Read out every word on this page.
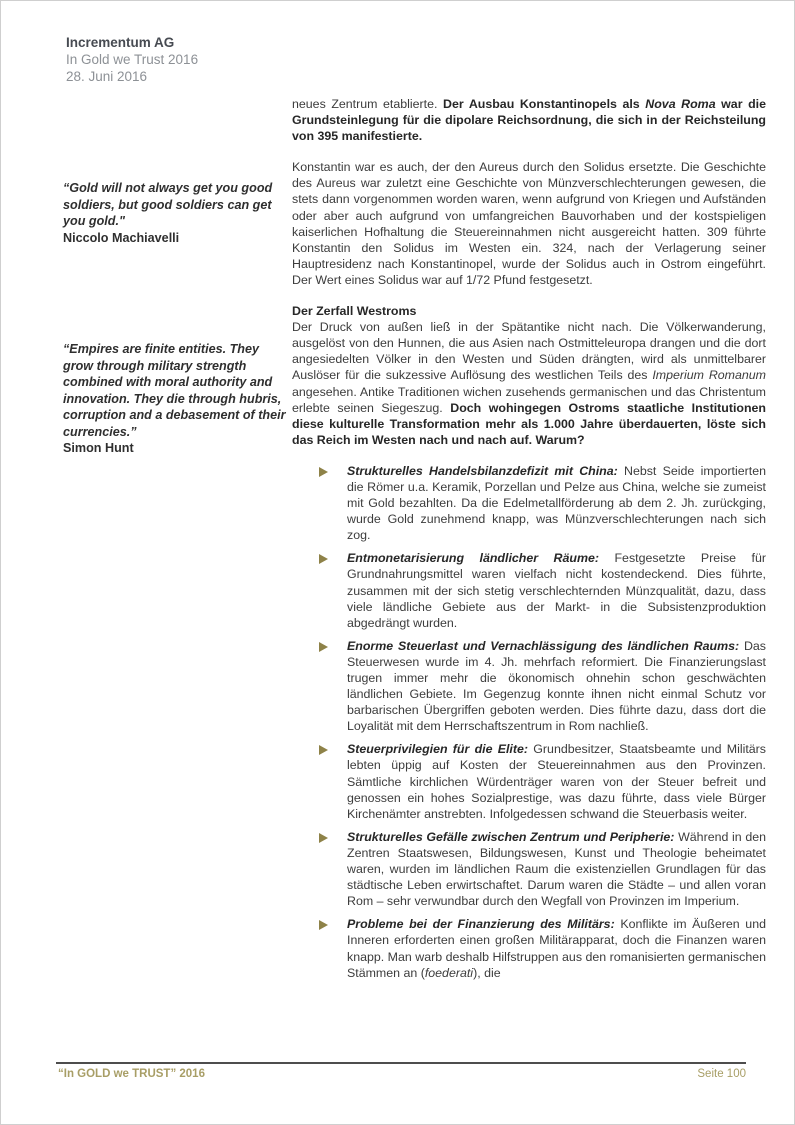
Incrementum AG
In Gold we Trust 2016
28. Juni 2016
“Gold will not always get you good soldiers, but good soldiers can get you gold."
Niccolo Machiavelli
“Empires are finite entities. They grow through military strength combined with moral authority and innovation. They die through hubris, corruption and a debasement of their currencies.”
Simon Hunt

neues Zentrum etablierte. Der Ausbau Konstantinopels als Nova Roma war die Grundsteinlegung für die dipolare Reichsordnung, die sich in der Reichsteilung von 395 manifestierte.

Konstantin war es auch, der den Aureus durch den Solidus ersetzte. Die Geschichte des Aureus war zuletzt eine Geschichte von Münzverschlechterungen gewesen, die stets dann vorgenommen worden waren, wenn aufgrund von Kriegen und Aufständen oder aber auch aufgrund von umfangreichen Bauvorhaben und der kostspieligen kaiserlichen Hofhaltung die Steuereinnahmen nicht ausgereicht hatten. 309 führte Konstantin den Solidus im Westen ein. 324, nach der Verlagerung seiner Hauptresidenz nach Konstantinopel, wurde der Solidus auch in Ostrom eingeführt. Der Wert eines Solidus war auf 1/72 Pfund festgesetzt.

Der Zerfall Westroms

Der Druck von außen ließ in der Spätantike nicht nach. Die Völkerwanderung, ausgelöst von den Hunnen, die aus Asien nach Ostmitteleuropa drangen und die dort angesiedelten Völker in den Westen und Süden drängten, wird als unmittelbarer Auslöser für die sukzessive Auflösung des westlichen Teils des Imperium Romanum angesehen. Antike Traditionen wichen zusehends germanischen und das Christentum erlebte seinen Siegeszug. Doch wohingegen Ostroms staatliche Institutionen diese kulturelle Transformation mehr als 1.000 Jahre überdauerten, löste sich das Reich im Westen nach und nach auf. Warum?

Strukturelles Handelsbilanzdefizit mit China: Nebst Seide importierten die Römer u.a. Keramik, Porzellan und Pelze aus China, welche sie zumeist mit Gold bezahlten. Da die Edelmetallförderung ab dem 2. Jh. zurückging, wurde Gold zunehmend knapp, was Münzverschlechterungen nach sich zog.
Entmonetarisierung ländlicher Räume: Festgesetzte Preise für Grundnahrungsmittel waren vielfach nicht kostendeckend. Dies führte, zusammen mit der sich stetig verschlechternden Münzqualität, dazu, dass viele ländliche Gebiete aus der Markt- in die Subsistenzproduktion abgedrängt wurden.
Enorme Steuerlast und Vernachlässigung des ländlichen Raums: Das Steuerwesen wurde im 4. Jh. mehrfach reformiert. Die Finanzierungslast trugen immer mehr die ökonomisch ohnehin schon geschwächten ländlichen Gebiete. Im Gegenzug konnte ihnen nicht einmal Schutz vor barbarischen Übergriffen geboten werden. Dies führte dazu, dass dort die Loyalität mit dem Herrschaftszentrum in Rom nachließ.
Steuerprivilegien für die Elite: Grundbesitzer, Staatsbeamte und Militärs lebten üppig auf Kosten der Steuereinnahmen aus den Provinzen. Sämtliche kirchlichen Würdenträger waren von der Steuer befreit und genossen ein hohes Sozialprestige, was dazu führte, dass viele Bürger Kirchenämter anstrebten. Infolgedessen schwand die Steuerbasis weiter.
Strukturelles Gefälle zwischen Zentrum und Peripherie: Während in den Zentren Staatswesen, Bildungswesen, Kunst und Theologie beheimatet waren, wurden im ländlichen Raum die existenziellen Grundlagen für das städtische Leben erwirtschaftet. Darum waren die Städte – und allen voran Rom – sehr verwundbar durch den Wegfall von Provinzen im Imperium.
Probleme bei der Finanzierung des Militärs: Konflikte im Äußeren und Inneren erforderten einen großen Militärapparat, doch die Finanzen waren knapp. Man warb deshalb Hilfstruppen aus den romanisierten germanischen Stämmen an (foederati), die
“In GOLD we TRUST” 2016	Seite 100
